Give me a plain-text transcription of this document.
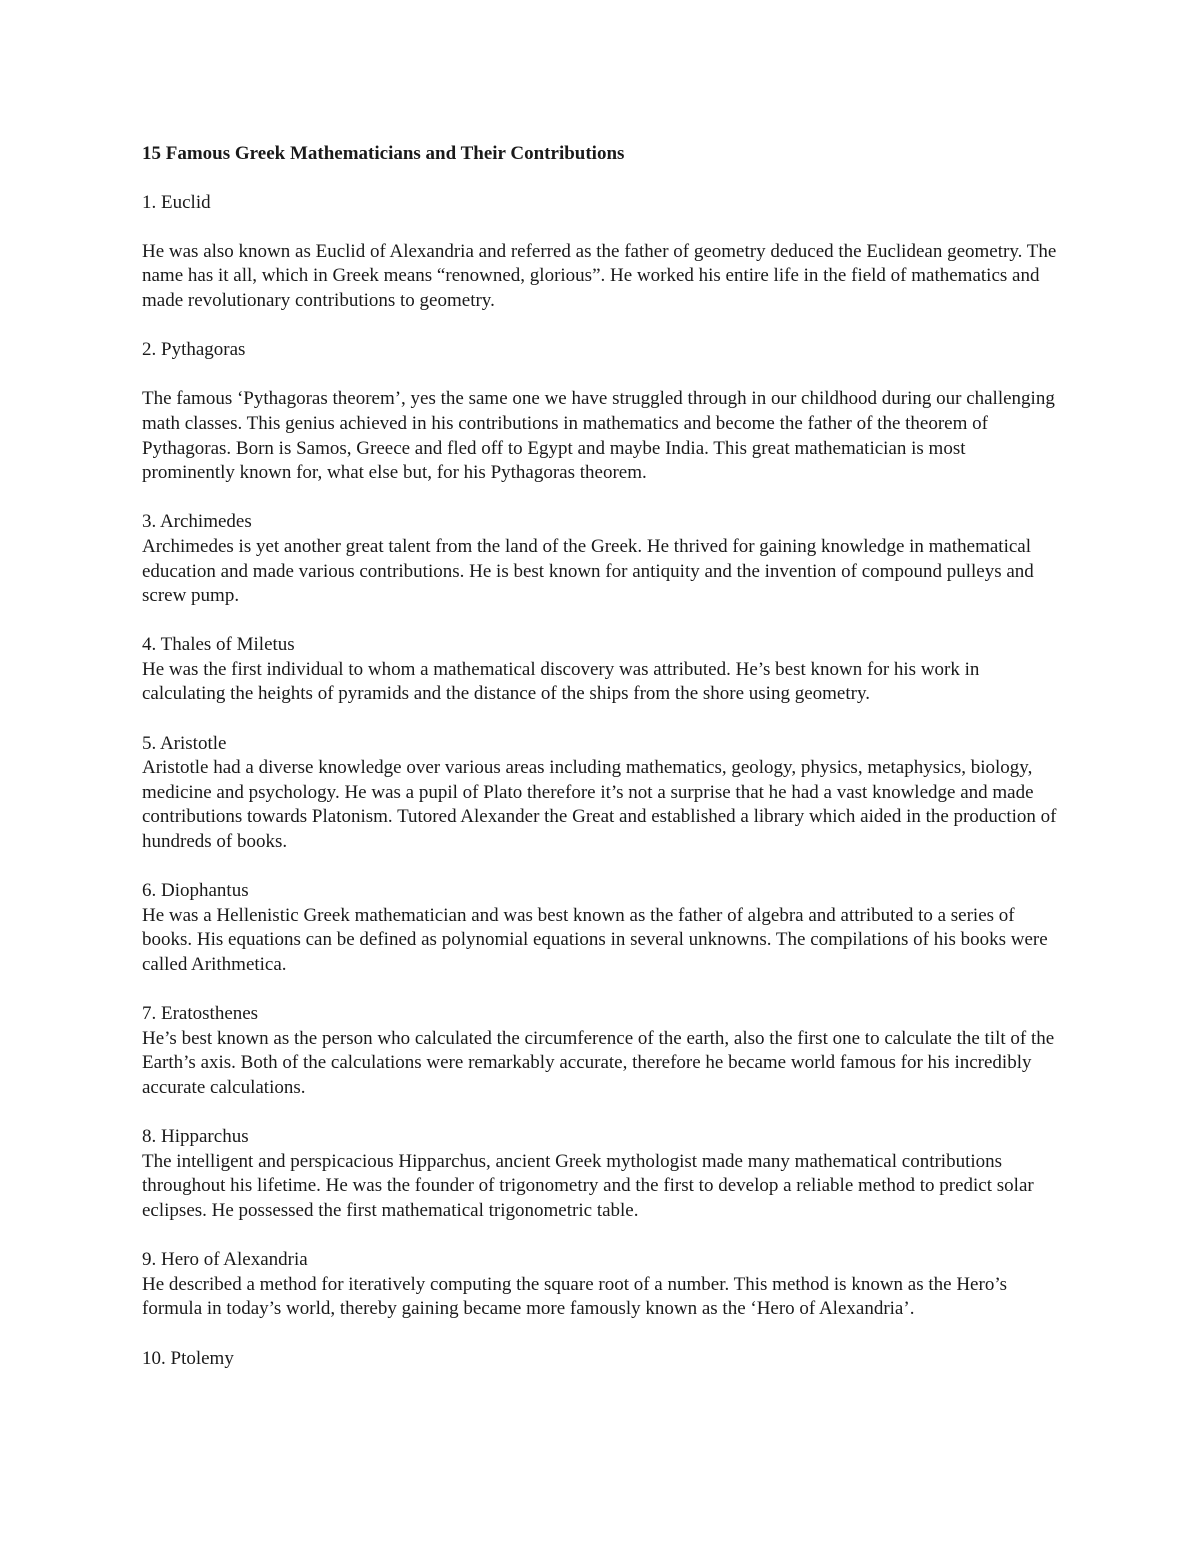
15 Famous Greek Mathematicians and Their Contributions

1. Euclid

He was also known as Euclid of Alexandria and referred as the father of geometry deduced the Euclidean geometry. The name has it all, which in Greek means “renowned, glorious”. He worked his entire life in the field of mathematics and made revolutionary contributions to geometry.

2. Pythagoras

The famous ‘Pythagoras theorem’, yes the same one we have struggled through in our childhood during our challenging math classes. This genius achieved in his contributions in mathematics and become the father of the theorem of Pythagoras. Born is Samos, Greece and fled off to Egypt and maybe India. This great mathematician is most prominently known for, what else but, for his Pythagoras theorem.

3. Archimedes

Archimedes is yet another great talent from the land of the Greek. He thrived for gaining knowledge in mathematical education and made various contributions. He is best known for antiquity and the invention of compound pulleys and screw pump.

4. Thales of Miletus

He was the first individual to whom a mathematical discovery was attributed. He’s best known for his work in calculating the heights of pyramids and the distance of the ships from the shore using geometry.

5. Aristotle

Aristotle had a diverse knowledge over various areas including mathematics, geology, physics, metaphysics, biology, medicine and psychology. He was a pupil of Plato therefore it’s not a surprise that he had a vast knowledge and made contributions towards Platonism. Tutored Alexander the Great and established a library which aided in the production of hundreds of books.

6. Diophantus

He was a Hellenistic Greek mathematician and was best known as the father of algebra and attributed to a series of books. His equations can be defined as polynomial equations in several unknowns. The compilations of his books were called Arithmetica.

7. Eratosthenes

He’s best known as the person who calculated the circumference of the earth, also the first one to calculate the tilt of the Earth’s axis. Both of the calculations were remarkably accurate, therefore he became world famous for his incredibly accurate calculations.

8. Hipparchus

The intelligent and perspicacious Hipparchus, ancient Greek mythologist made many mathematical contributions throughout his lifetime. He was the founder of trigonometry and the first to develop a reliable method to predict solar eclipses. He possessed the first mathematical trigonometric table.

9. Hero of Alexandria

He described a method for iteratively computing the square root of a number. This method is known as the Hero’s formula in today’s world, thereby gaining became more famously known as the ‘Hero of Alexandria’.

10. Ptolemy
